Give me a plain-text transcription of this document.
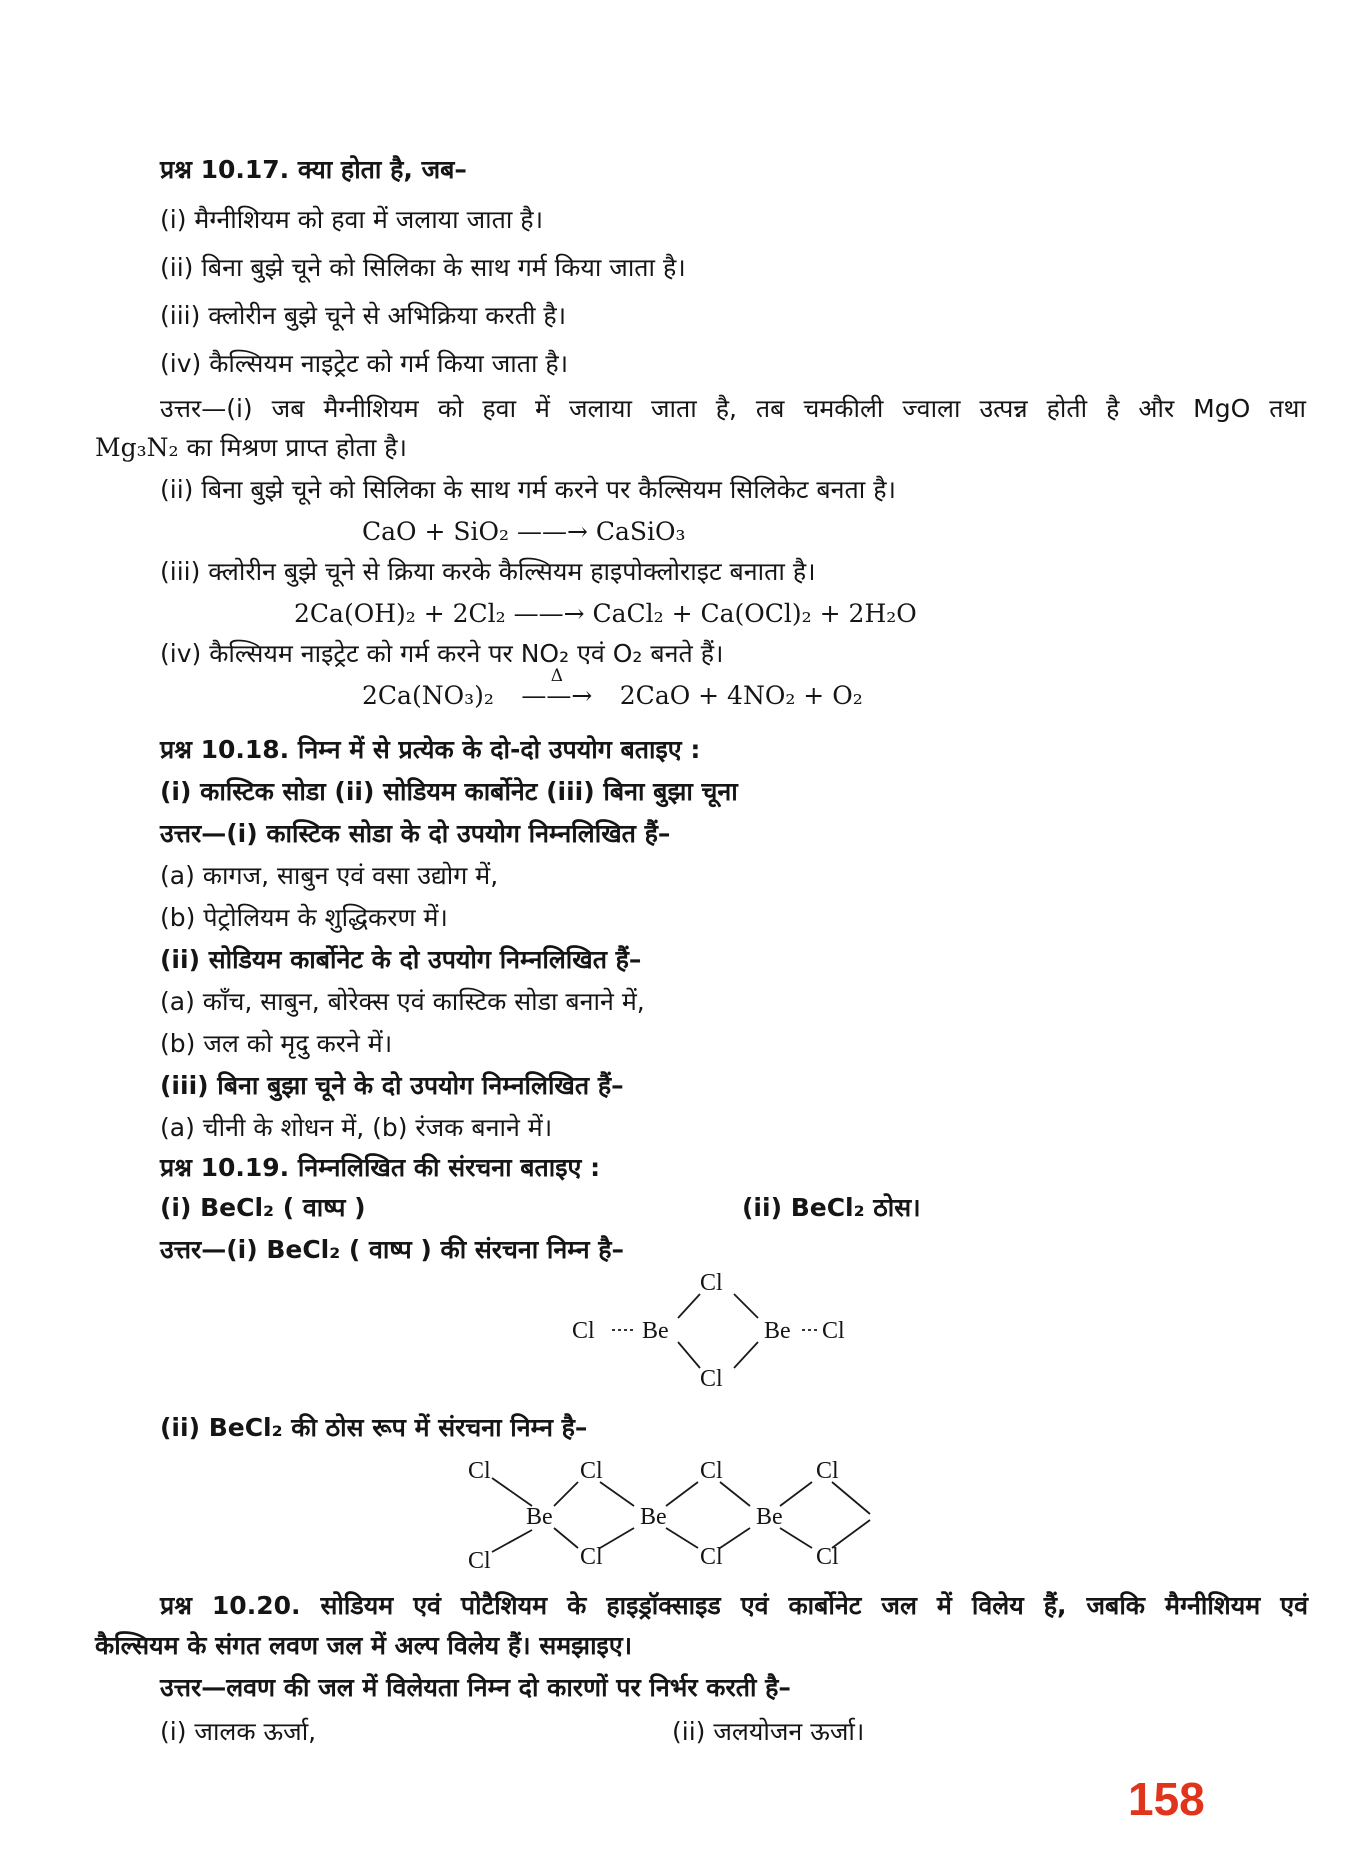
प्रश्न 10.17. क्या होता है, जब–
(i) मैग्नीशियम को हवा में जलाया जाता है।
(ii) बिना बुझे चूने को सिलिका के साथ गर्म किया जाता है।
(iii) क्लोरीन बुझे चूने से अभिक्रिया करती है।
(iv) कैल्सियम नाइट्रेट को गर्म किया जाता है।
उत्तर—(i) जब मैग्नीशियम को हवा में जलाया जाता है, तब चमकीली ज्वाला उत्पन्न होती है और MgO तथा
Mg₃N₂ का मिश्रण प्राप्त होता है।
(ii) बिना बुझे चूने को सिलिका के साथ गर्म करने पर कैल्सियम सिलिकेट बनता है।
CaO + SiO₂ ——→ CaSiO₃
(iii) क्लोरीन बुझे चूने से क्रिया करके कैल्सियम हाइपोक्लोराइट बनाता है।
2Ca(OH)₂ + 2Cl₂ ——→ CaCl₂ + Ca(OCl)₂ + 2H₂O
(iv) कैल्सियम नाइट्रेट को गर्म करने पर NO₂ एवं O₂ बनते हैं।
2Ca(NO₃)₂
Δ
——→ 2CaO + 4NO₂ + O₂
प्रश्न 10.18. निम्न में से प्रत्येक के दो-दो उपयोग बताइए :
(i) कास्टिक सोडा (ii) सोडियम कार्बोनेट (iii) बिना बुझा चूना
उत्तर—(i) कास्टिक सोडा के दो उपयोग निम्नलिखित हैं–
(a) कागज, साबुन एवं वसा उद्योग में,
(b) पेट्रोलियम के शुद्धिकरण में।
(ii) सोडियम कार्बोनेट के दो उपयोग निम्नलिखित हैं–
(a) काँच, साबुन, बोरेक्स एवं कास्टिक सोडा बनाने में,
(b) जल को मृदु करने में।
(iii) बिना बुझा चूने के दो उपयोग निम्नलिखित हैं–
(a) चीनी के शोधन में, (b) रंजक बनाने में।
प्रश्न 10.19. निम्नलिखित की संरचना बताइए :
(i) BeCl₂ ( वाष्प )	(ii) BeCl₂ ठोस।
उत्तर—(i) BeCl₂ ( वाष्प ) की संरचना निम्न है–
Cl
Cl Be	Be Cl
Cl
(ii) BeCl₂ की ठोस रूप में संरचना निम्न है–
Cl	Cl	Cl	Cl
Be	Be	Be
Cl	Cl	Cl	Cl
प्रश्न 10.20. सोडियम एवं पोटैशियम के हाइड्रॉक्साइड एवं कार्बोनेट जल में विलेय हैं, जबकि मैग्नीशियम एवं
कैल्सियम के संगत लवण जल में अल्प विलेय हैं। समझाइए।
उत्तर—लवण की जल में विलेयता निम्न दो कारणों पर निर्भर करती है–
(i) जालक ऊर्जा,	(ii) जलयोजन ऊर्जा।
158
